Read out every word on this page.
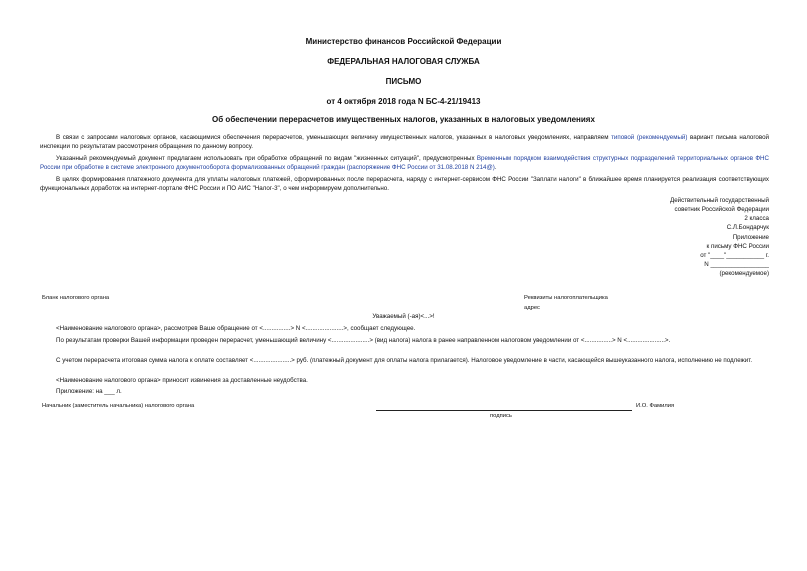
Министерство финансов Российской Федерации
ФЕДЕРАЛЬНАЯ НАЛОГОВАЯ СЛУЖБА
ПИСЬМО
от 4 октября 2018 года N БС-4-21/19413
Об обеспечении перерасчетов имущественных налогов, указанных в налоговых уведомлениях

В связи с запросами налоговых органов, касающимися обеспечения перерасчетов, уменьшающих величину имущественных налогов, указанных в налоговых уведомлениях, направляем типовой (рекомендуемый) вариант письма налоговой инспекции по результатам рассмотрения обращения по данному вопросу.

Указанный рекомендуемый документ предлагаем использовать при обработке обращений по видам "жизненных ситуаций", предусмотренных Временным порядком взаимодействия структурных подразделений территориальных органов ФНС России при обработке в системе электронного документооборота формализованных обращений граждан (распоряжение ФНС России от 31.08.2018 N 214@).

В целях формирования платежного документа для уплаты налоговых платежей, сформированных после перерасчета, наряду с интернет-сервисом ФНС России "Заплати налоги" в ближайшее время планируется реализация соответствующих функциональных доработок на интернет-портале ФНС России и ПО АИС "Налог-3", о чем информируем дополнительно.

Действительный государственный
советник Российской Федерации
2 класса
С.Л.Бондарчук
Приложение
к письму ФНС России
от "____"___________ г.
N _________________
(рекомендуемое)
Бланк налогового органа	Реквизиты налогоплательщика
адрес
Уважаемый (-ая)<...>!

<Наименование налогового органа>, рассмотрев Ваше обращение от <................> N <......................>, сообщает следующее.

По результатам проверки Вашей информации проведен перерасчет, уменьшающий величину <......................> (вид налога) налога в ранее направленном налоговом уведомлении от <................> N <......................>.

С учетом перерасчета итоговая сумма налога к оплате составляет <......................> руб. (платежный документ для оплаты налога прилагается). Налоговое уведомление в части, касающейся вышеуказанного налога, исполнению не подлежит.

<Наименование налогового органа> приносит извинения за доставленные неудобства.

Приложение: на ___ л.

Начальник (заместитель начальника) налогового органа	И.О. Фамилия
подпись
